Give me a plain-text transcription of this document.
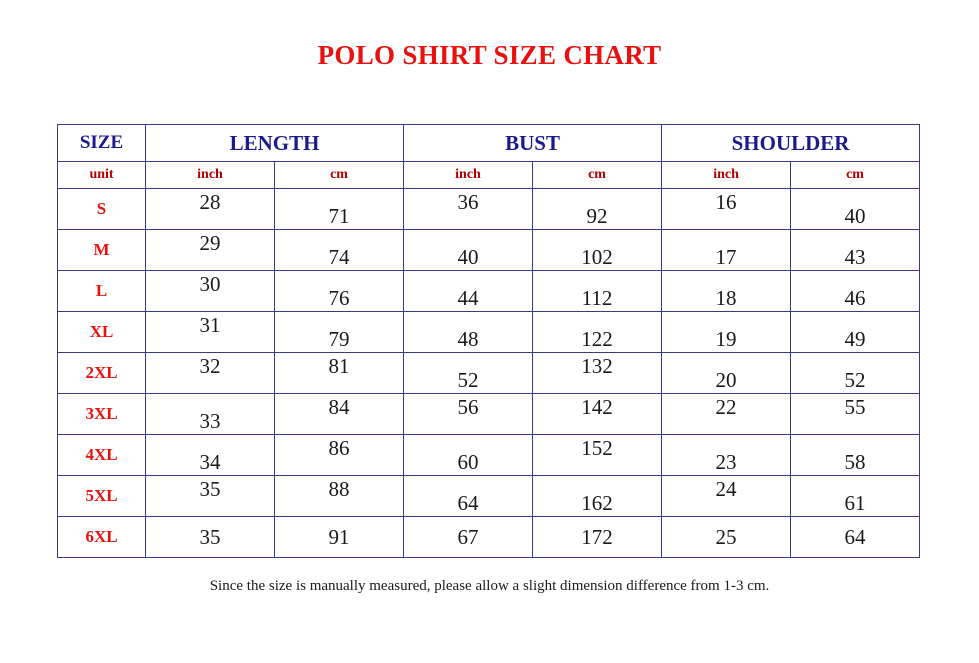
POLO SHIRT SIZE CHART
SIZE	LENGTH		BUST		SHOULDER	
unit	inch	cm	inch	cm	inch	cm
S	28	71	36	92	16	40
M	29	74	40	102	17	43
L	30	76	44	112	18	46
XL	31	79	48	122	19	49
2XL	32	81	52	132	20	52
3XL	33	84	56	142	22	55
4XL	34	86	60	152	23	58
5XL	35	88	64	162	24	61
6XL	35	91	67	172	25	64
Since the size is manually measured, please allow a slight dimension difference from 1-3 cm.
